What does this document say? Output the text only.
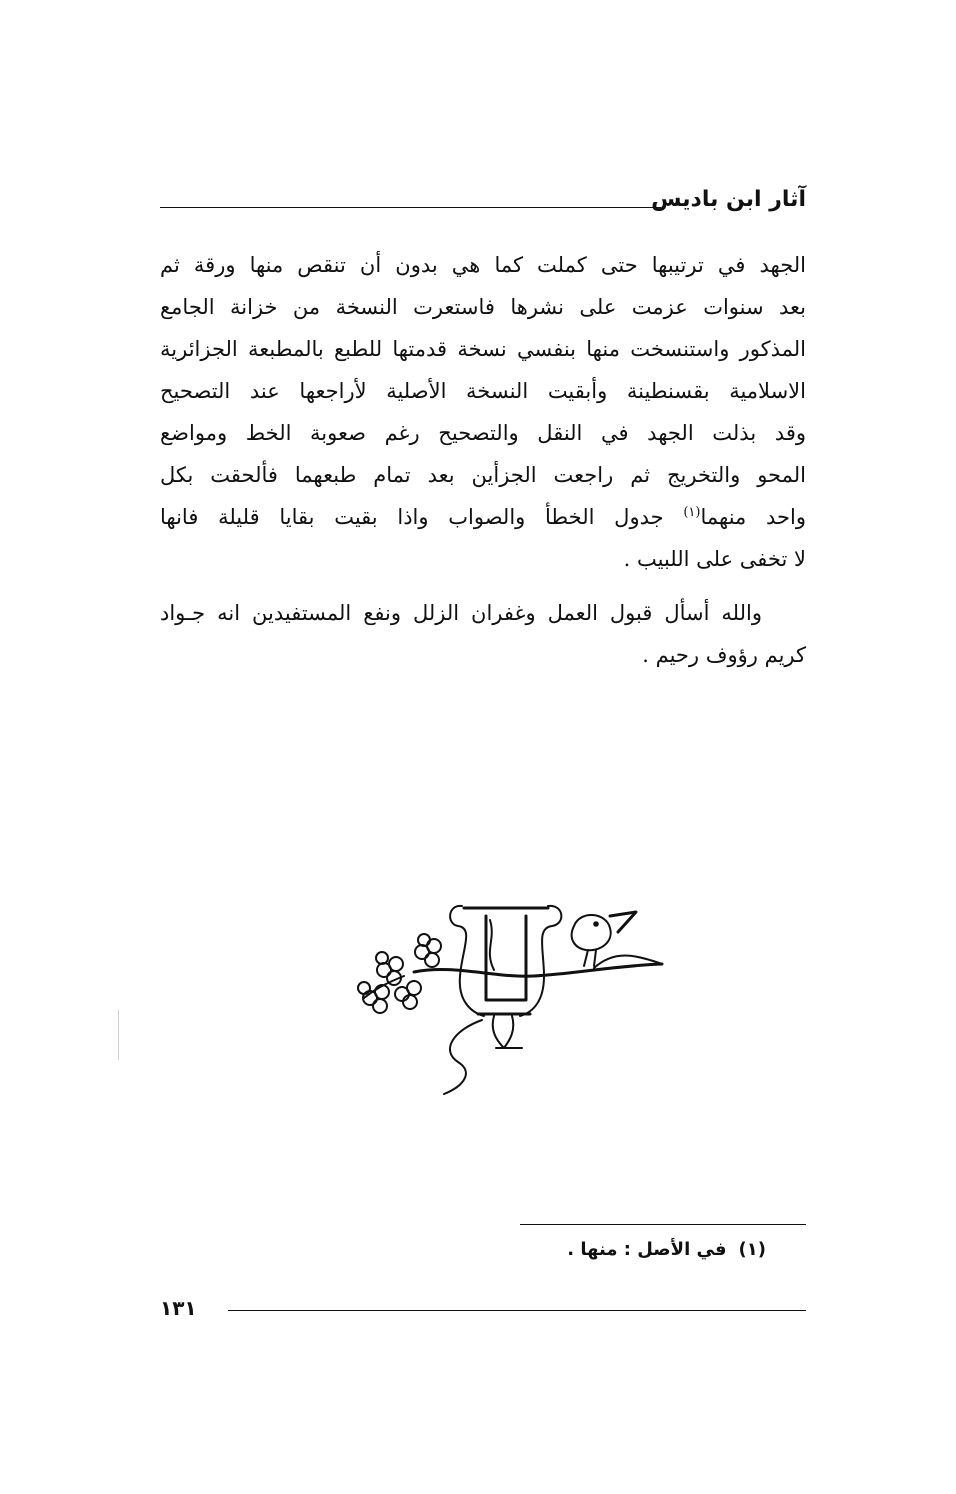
آثار ابن باديس
الجهد في ترتيبها حتى كملت كما هي بدون أن تنقص منها ورقة ثم
بعد سنوات عزمت على نشرها فاستعرت النسخة من خزانة الجامع
المذكور واستنسخت منها بنفسي نسخة قدمتها للطبع بالمطبعة الجزائرية
الاسلامية بقسنطينة وأبقيت النسخة الأصلية لأراجعها عند التصحيح
وقد بذلت الجهد في النقل والتصحيح رغم صعوبة الخط ومواضع
المحو والتخريج ثم راجعت الجزأين بعد تمام طبعهما فألحقت بكل
واحد منهما$^{(١)}$ جدول الخطأ والصواب واذا بقيت بقايا قليلة فانها
لا تخفى على اللبيب .
والله أسأل قبول العمل وغفران الزلل ونفع المستفيدين انه جـواد
كريم رؤوف رحيم .
(١)في الأصل : منها .
١٣١
